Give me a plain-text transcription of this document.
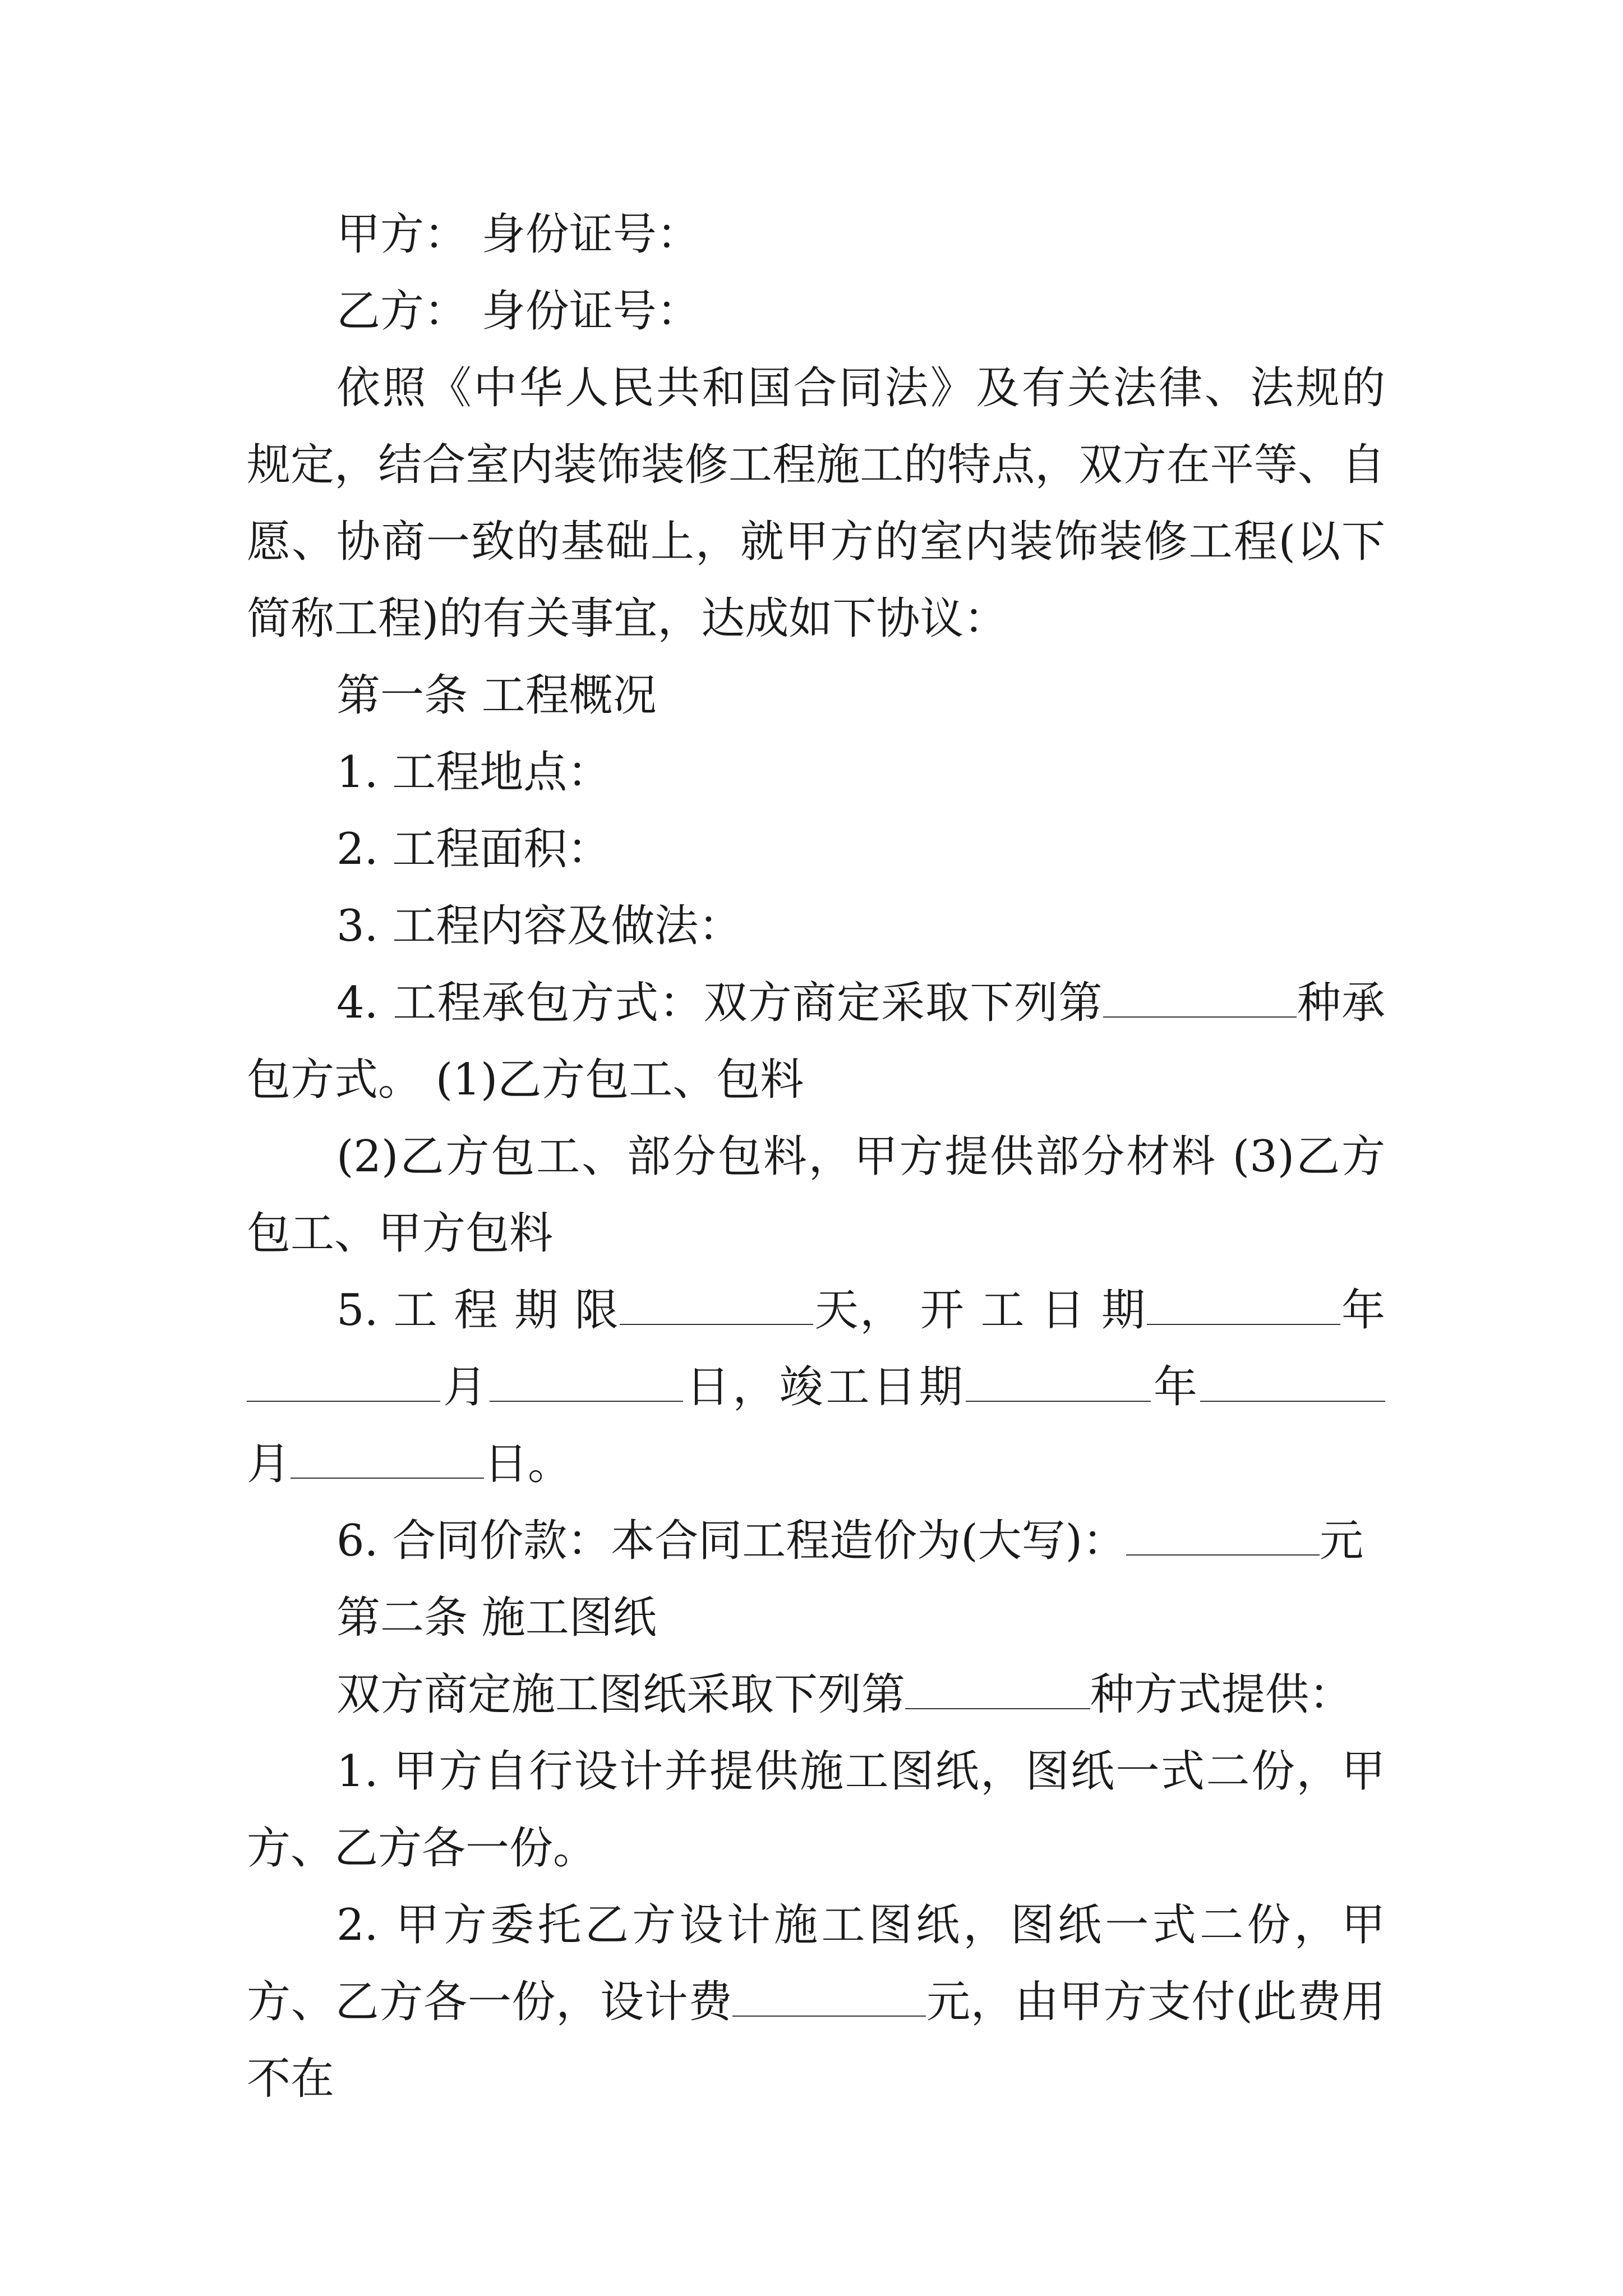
甲方： 身份证号：

乙方： 身份证号：

依照《中华人民共和国合同法》及有关法律、法规的规定，结合室内装饰装修工程施工的特点，双方在平等、自愿、协商一致的基础上，就甲方的室内装饰装修工程(以下简称工程)的有关事宜，达成如下协议：

第一条 工程概况

1. 工程地点：

2. 工程面积：

3. 工程内容及做法：

4. 工程承包方式：双方商定采取下列第	种承包方式。 (1)乙方包工、包料

(2)乙方包工、部分包料，甲方提供部分材料 (3)乙方包工、甲方包料

5. 工 程 期 限	天， 开 工 日 期	年月	日，竣工日期	年月	日。

6. 合同价款：本合同工程造价为(大写)：	元

第二条 施工图纸

双方商定施工图纸采取下列第	种方式提供：

1. 甲方自行设计并提供施工图纸，图纸一式二份，甲方、乙方各一份。

2. 甲方委托乙方设计施工图纸，图纸一式二份，甲方、乙方各一份，设计费	元，由甲方支付(此费用不在
